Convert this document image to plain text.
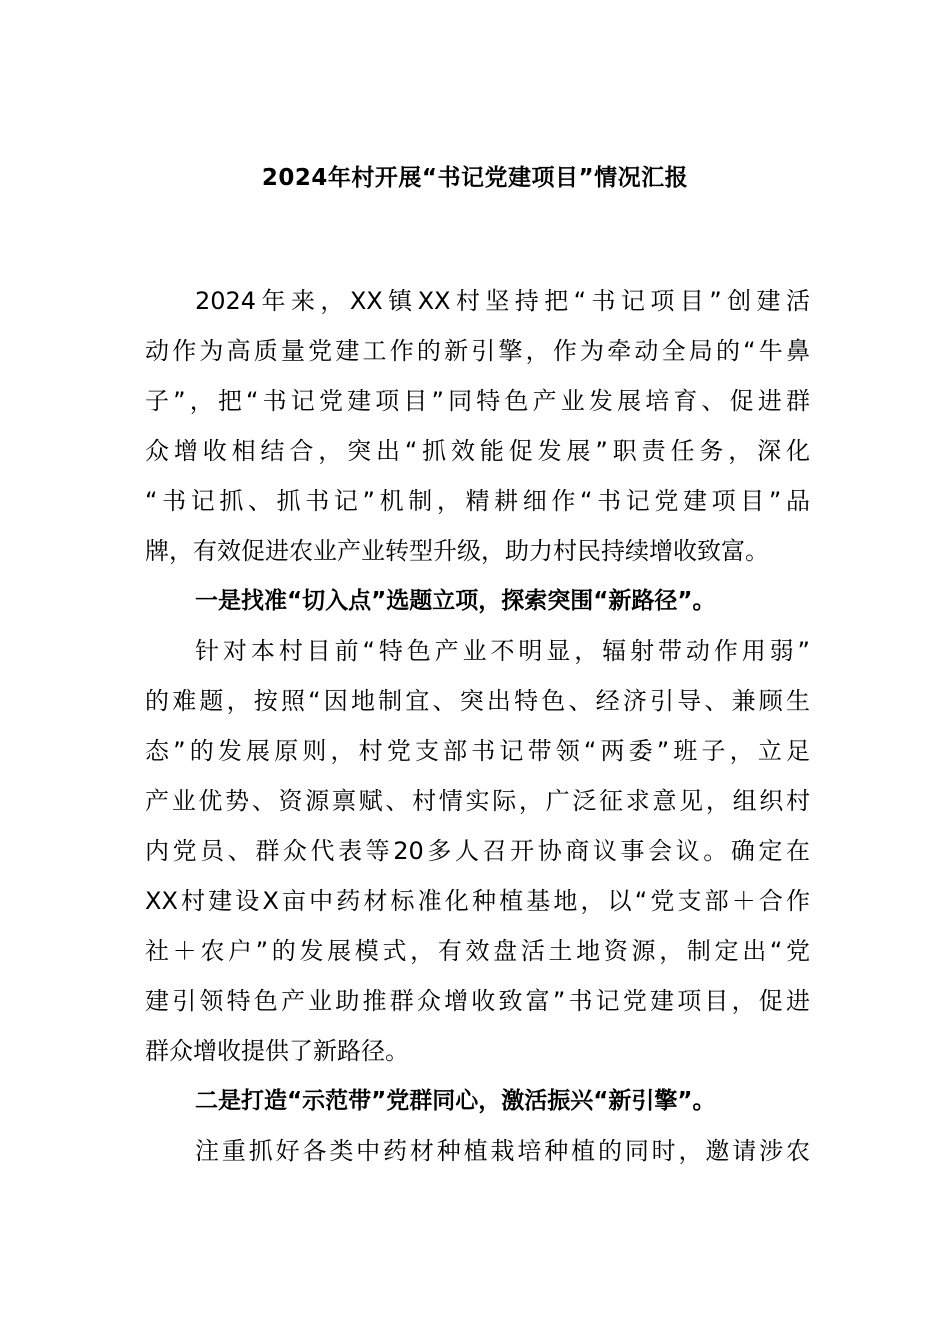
2024年村开展“书记党建项目”情况汇报
2024年来，XX镇XX村坚持把“书记项目”创建活
动作为高质量党建工作的新引擎，作为牵动全局的“牛鼻
子”，把“书记党建项目”同特色产业发展培育、促进群
众增收相结合，突出“抓效能促发展”职责任务，深化
“书记抓、抓书记”机制，精耕细作“书记党建项目”品
牌，有效促进农业产业转型升级，助力村民持续增收致富。
一是找准“切入点”选题立项，探索突围“新路径”。
针对本村目前“特色产业不明显，辐射带动作用弱”
的难题，按照“因地制宜、突出特色、经济引导、兼顾生
态”的发展原则，村党支部书记带领“两委”班子，立足
产业优势、资源禀赋、村情实际，广泛征求意见，组织村
内党员、群众代表等20多人召开协商议事会议。确定在
XX村建设X亩中药材标准化种植基地，以“党支部＋合作
社＋农户”的发展模式，有效盘活土地资源，制定出“党
建引领特色产业助推群众增收致富”书记党建项目，促进
群众增收提供了新路径。
二是打造“示范带”党群同心，激活振兴“新引擎”。
注重抓好各类中药材种植栽培种植的同时，邀请涉农
